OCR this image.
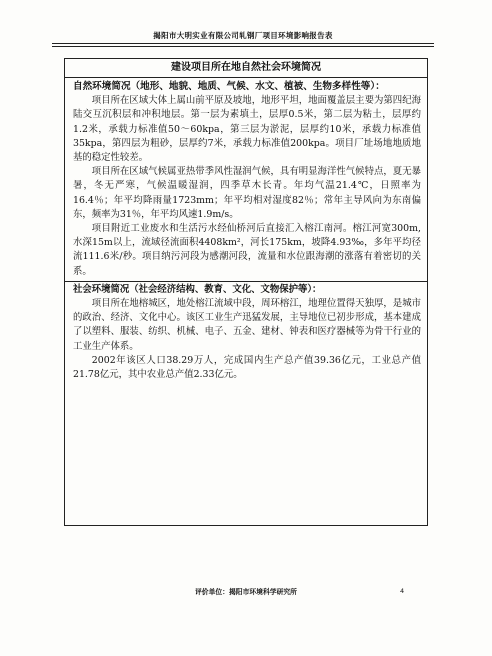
揭阳市大明实业有限公司轧钢厂项目环境影响报告表
建设项目所在地自然社会环境简况
自然环境简况（地形、地貌、地质、气候、水文、植被、生物多样性等）：

项目所在区域大体上属山前平原及坡地，地形平坦，地面覆盖层主要为第四纪海陆交互沉积层和冲积地层。第一层为素填土，层厚0.5米，第二层为粘土，层厚约1.2米，承载力标准值50～60kpa，第三层为淤泥，层厚约10米，承载力标准值35kpa，第四层为粗砂，层厚约7米，承载力标准值200kpa。项目厂址场地地质地基的稳定性较差。

项目所在区域气候属亚热带季风性湿润气候，具有明显海洋性气候特点，夏无暴暑，冬无严寒，气候温暖湿润，四季草木长青。年均气温21.4℃，日照率为16.4％；年平均降雨量1723mm；年平均相对湿度82％；常年主导风向为东南偏东，频率为31％，年平均风速1.9m/s。

项目附近工业废水和生活污水经仙桥河后直接汇入榕江南河。榕江河宽300m,水深15m以上，流域径流面积4408km²，河长175km，坡降4.93‰，多年平均径流111.6米/秒。项目纳污河段为感潮河段，流量和水位跟海潮的涨落有着密切的关系。

社会环境简况（社会经济结构、教育、文化、文物保护等）：

项目所在地榕城区，地处榕江流域中段，周环榕江，地理位置得天独厚，是城市的政治、经济、文化中心。该区工业生产迅猛发展，主导地位已初步形成，基本建成了以塑料、服装、纺织、机械、电子、五金、建材、钟表和医疗器械等为骨干行业的工业生产体系。

2002年该区人口38.29万人，完成国内生产总产值39.36亿元，工业总产值21.78亿元，其中农业总产值2.33亿元。

评价单位：揭阳市环境科学研究所	4
